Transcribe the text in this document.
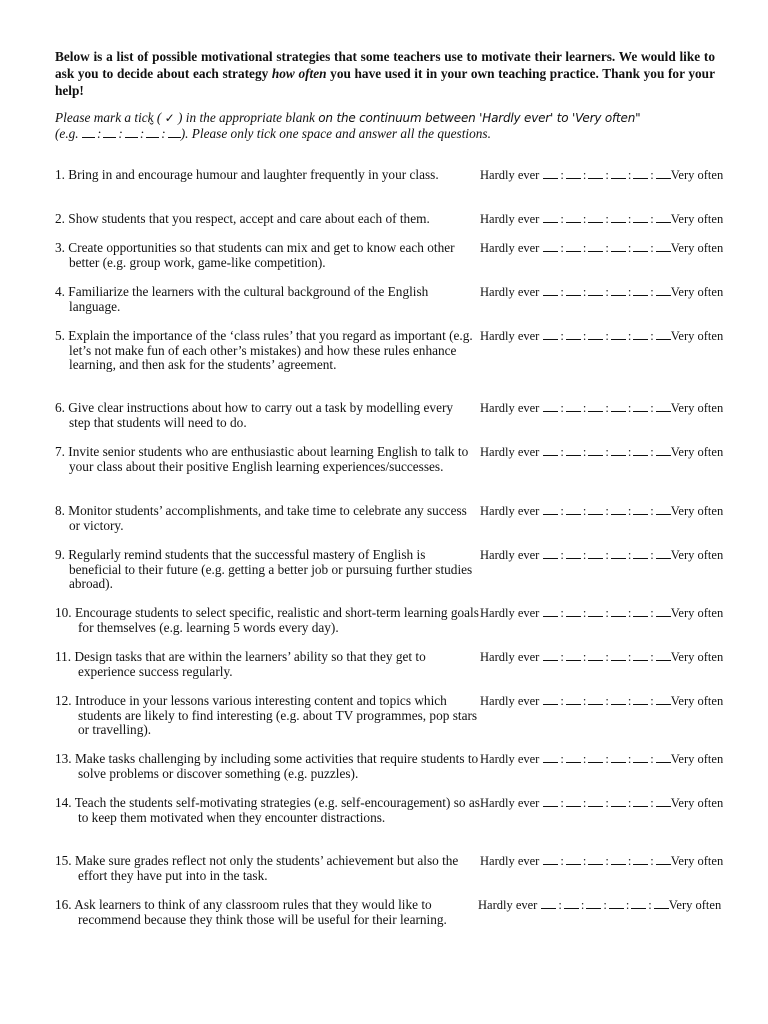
Below is a list of possible motivational strategies that some teachers use to motivate their learners. We would like to ask you to decide about each strategy how often you have used it in your own teaching practice. Thank you for your help!

Please mark a tick ( ✓ ) in the appropriate blank on the continuum between 'Hardly ever' to 'Very often"
(e.g. : : :ˇ : ). Please only tick one space and answer all the questions.

1. Bring in and encourage humour and laughter frequently in your class.	Hardly ever : : : : : Very often
2. Show students that you respect, accept and care about each of them.	Hardly ever : : : : : Very often
3. Create opportunities so that students can mix and get to know each other better (e.g. group work, game-like competition).
Hardly ever : : : : : Very often
4. Familiarize the learners with the cultural background of the English language.
Hardly ever : : : : : Very often
5. Explain the importance of the ‘class rules’ that you regard as important (e.g. let’s not make fun of each other’s mistakes) and how these rules enhance learning, and then ask for the students’ agreement.
Hardly ever : : : : : Very often
6. Give clear instructions about how to carry out a task by modelling every step that students will need to do.
Hardly ever : : : : : Very often
7. Invite senior students who are enthusiastic about learning English to talk to your class about their positive English learning experiences/successes.
Hardly ever : : : : : Very often
8. Monitor students’ accomplishments, and take time to celebrate any success or victory.
Hardly ever : : : : : Very often
9. Regularly remind students that the successful mastery of English is beneficial to their future (e.g. getting a better job or pursuing further studies abroad).
Hardly ever : : : : : Very often
10. Encourage students to select specific, realistic and short-term learning goals for themselves (e.g. learning 5 words every day).
Hardly ever : : : : : Very often
11. Design tasks that are within the learners’ ability so that they get to experience success regularly.
Hardly ever : : : : : Very often
12. Introduce in your lessons various interesting content and topics which students are likely to find interesting (e.g. about TV programmes, pop stars or travelling).
Hardly ever : : : : : Very often
13. Make tasks challenging by including some activities that require students to solve problems or discover something (e.g. puzzles).
Hardly ever : : : : : Very often
14. Teach the students self-motivating strategies (e.g. self-encouragement) so as to keep them motivated when they encounter distractions.
Hardly ever : : : : : Very often
15. Make sure grades reflect not only the students’ achievement but also the effort they have put into in the task.
Hardly ever : : : : : Very often
16. Ask learners to think of any classroom rules that they would like to recommend because they think those will be useful for their learning.
Hardly ever : : : : : Very often
